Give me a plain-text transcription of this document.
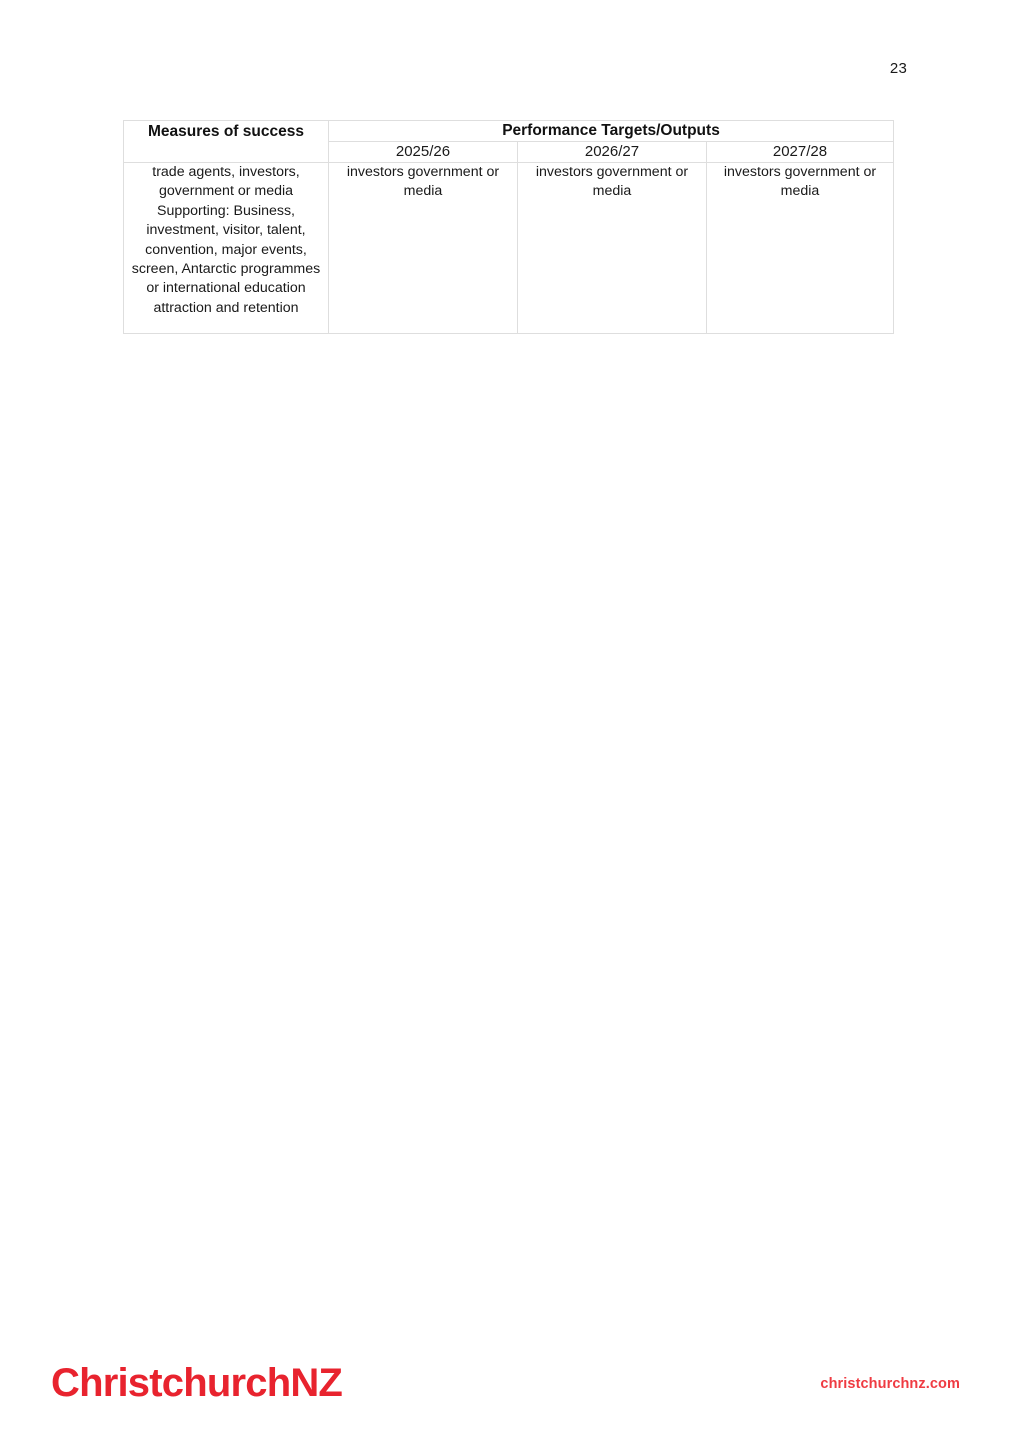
23
Measures of success	Performance Targets/Outputs		
	2025/26	2026/27	2027/28
trade agents, investors, government or media Supporting: Business, investment, visitor, talent, convention, major events, screen, Antarctic programmes or international education attraction and retention	investors government or media	investors government or media	investors government or media
ChristchurchNZ	christchurchnz.com
